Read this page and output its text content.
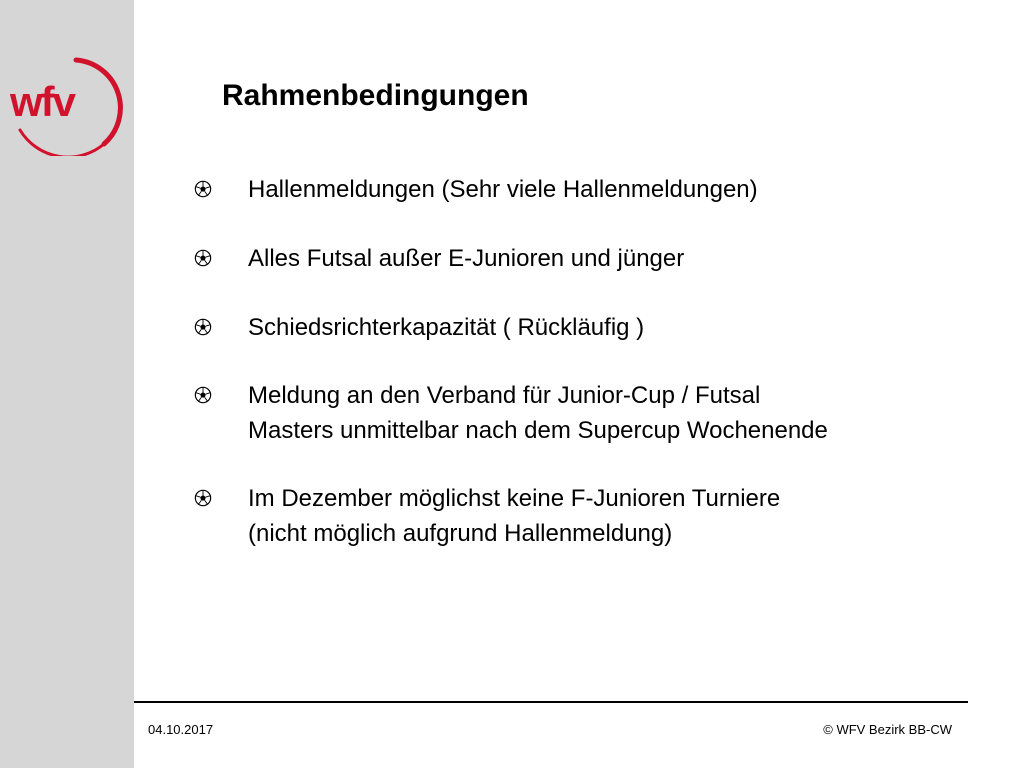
wfv	Rahmenbedingungen
Hallenmeldungen (Sehr viele Hallenmeldungen)
Alles Futsal außer E-Junioren und jünger
Schiedsrichterkapazität ( Rückläufig )
Meldung an den Verband für Junior-Cup / Futsal
Masters unmittelbar nach dem Supercup Wochenende
Im Dezember möglichst keine F-Junioren Turniere
(nicht möglich aufgrund Hallenmeldung)
04.10.2017	© WFV Bezirk BB-CW
